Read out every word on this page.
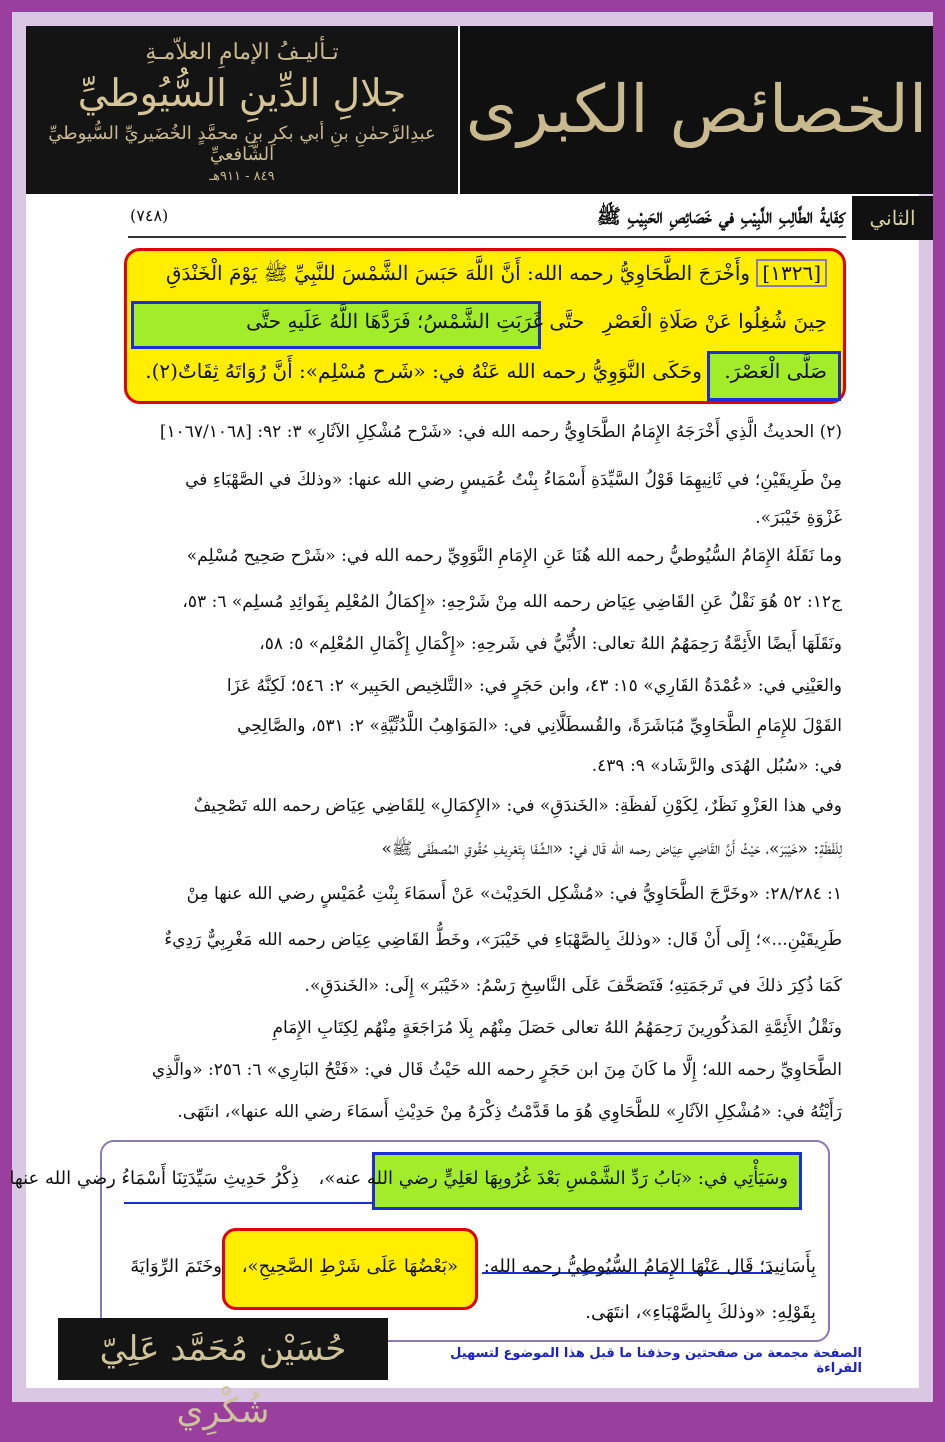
تـأليـفُ الإمامِ العلاّمـةِ
جلالِ الدِّينِ السُّيُوطيِّ
عبدِالرَّحمٰنِ بنِ أبي بكرِ بنِ محمَّدٍ الخُضَيريِّ السُّيوطيِّ الشَّافعيِّ
٨٤٩ - ٩١١هـ
الخصائص الكبرى
الثاني
كِفَايةُ الطَّالِبِ اللَّبِيْبِ في خَصَائِصِ الحَبِيْبِ ﷺ
(٧٤٨)
[١٣٢٦] وأَخْرَجَ الطَّحَاوِيُّ رحمه الله: أَنَّ اللَّهَ حَبَسَ الشَّمْسَ للنَّبِيِّ ﷺ يَوْمَ الْخَنْدَقِ
حِينَ شُغِلُوا عَنْ صَلَاةِ الْعَصْرِ حتَّى غَرَبَتِ الشَّمْسُ؛ فَرَدَّهَا اللَّهُ عَلَيهِ حتَّى
صَلَّى الْعَصْرَ. وحَكَى النَّوَوِيُّ رحمه الله عَنْهُ في: «شَرح مُسْلِم»: أَنَّ رُوَاتَهُ ثِقَاتٌ(٢).
(٢) الحديثُ الَّذِي أَخْرَجَهُ الإِمَامُ الطَّحَاوِيُّ رحمه الله في: «شَرْح مُشْكِلِ الآثَارِ» ٣: ٩٢: [١٠٦٧/١٠٦٨]
مِنْ طَرِيقَيْنِ؛ في ثَانِيهِمَا قَوْلُ السَّيِّدَةِ أَسْمَاءُ بِنْتُ عُمَيسٍ رضي الله عنها: «وذلكَ في الصَّهْبَاءِ في
غَزْوَةِ خَيْبَرَ».
وما نَقَلَهُ الإِمَامُ السُّيُوطيُّ رحمه الله هُنَا عَنِ الإِمَامِ النَّوَوِيِّ رحمه الله في: «شَرْح صَحِيح مُسْلِم»
ج١٢: ٥٢ هُوَ نَقْلٌ عَنِ القَاضِي عِيَاض رحمه الله مِنْ شَرْحِهِ: «إِكمَالُ المُعْلِم بِفَوائِدِ مُسلِم» ٦: ٥٣،
ونَقَلَهَا أَيضًا الأَئِمَّةُ رَحِمَهُمُ اللهُ تعالى: الأُبِّيُّ في شَرحِهِ: «إِكْمَالِ إِكْمَالِ المُعْلِم» ٥: ٥٨،
والعَيْنِي في: «عُمْدَةُ القَارِي» ١٥: ٤٣، وابن حَجَرٍ في: «التَّلخِيص الحَبِير» ٢: ٥٤٦؛ لَكِنَّهُ عَزَا
القَوْلَ للإِمَامِ الطَّحَاوِيِّ مُبَاشَرَةً، والقُسطَلَّانِي في: «المَوَاهِبُ اللَّدُنِّيَّةِ» ٢: ٥٣١، والصَّالِحِي
في: «سُبُل الهُدَى والرَّشَاد» ٩: ٤٣٩.
وفي هذا العَزْوِ نَظَرٌ، لِكَوْنِ لَفظَةِ: «الخَندَقِ» في: «الإِكمَالِ» لِلقَاضِي عِيَاض رحمه الله تَصْحِيفٌ
لِلَفْظَةِ: «خَيْبَرَ»، حَيْثُ أَنَّ القَاضِي عِيَاض رحمه الله قَال في: «الشِّفَا بِتَعْرِيفِ حُقُوقِ المُصطَفَى ﷺ»
١: ٢٨/٢٨٤: «وخَرَّجَ الطَّحَاوِيُّ في: «مُشْكِل الحَدِيْث» عَنْ أَسمَاءَ بِنْتِ عُمَيْسٍ رضي الله عنها مِنْ
طَرِيقَيْنِ...»؛ إِلَى أَنْ قَال: «وذلكَ بِالصَّهْبَاءِ في خَيْبَرَ»، وخَطُّ القَاضِي عِيَاض رحمه الله مَغْرِبِيٌّ رَدِيءٌ
كَمَا ذُكِرَ ذلكَ في تَرجَمَتِهِ؛ فَتَصَحَّفَ عَلَى النَّاسِخِ رَسْمُ: «خَيْبَر» إِلَى: «الخَندَقِ».
ونَقْلُ الأَئِمَّةِ المَذكُورِينَ رَحِمَهُمُ اللهُ تعالى حَصَلَ مِنْهُم بِلَا مُرَاجَعَةٍ مِنْهُم لِكِتَابِ الإِمَامِ
الطَّحَاوِيِّ رحمه الله؛ إِلَّا ما كَانَ مِنَ ابن حَجَرٍ رحمه الله حَيْثُ قَال في: «فَتْحُ البَارِي» ٦: ٢٥٦: «والَّذِي
رَأَيْتُهُ في: «مُشْكِلِ الآثَارِ» للطَّحَاوِي هُوَ ما قَدَّمْتُ ذِكْرَهُ مِنْ حَدِيْثِ أَسمَاءَ رضي الله عنها»، انتَهَى.
وسَيَأْتِي في: «بَابُ رَدِّ الشَّمْسِ بَعْدَ غُرُوبِهَا لعَلِيٍّ رضي الله عنه»، ذِكْرُ حَدِيثِ سَيِّدَتِنَا أَسْمَاءُ رضي الله عنها
بِأَسَانِيدَ؛ قَال عَنْهَا الإِمَامُ السُّيُوطِيُّ رحمه الله: «بَعْضُهَا عَلَى شَرْطِ الصَّحِيحِ»، وخَتَمَ الرِّوَايَةَ
بِقَوْلِهِ: «وذلكَ بِالصَّهْبَاءِ»، انتَهَى.
حُسَيْن مُحَمَّد عَلِيّ شُكْرِي
الصفحة مجمعة من صفحتين وحذفنا ما قبل هذا الموضوع لتسهيل القراءة
